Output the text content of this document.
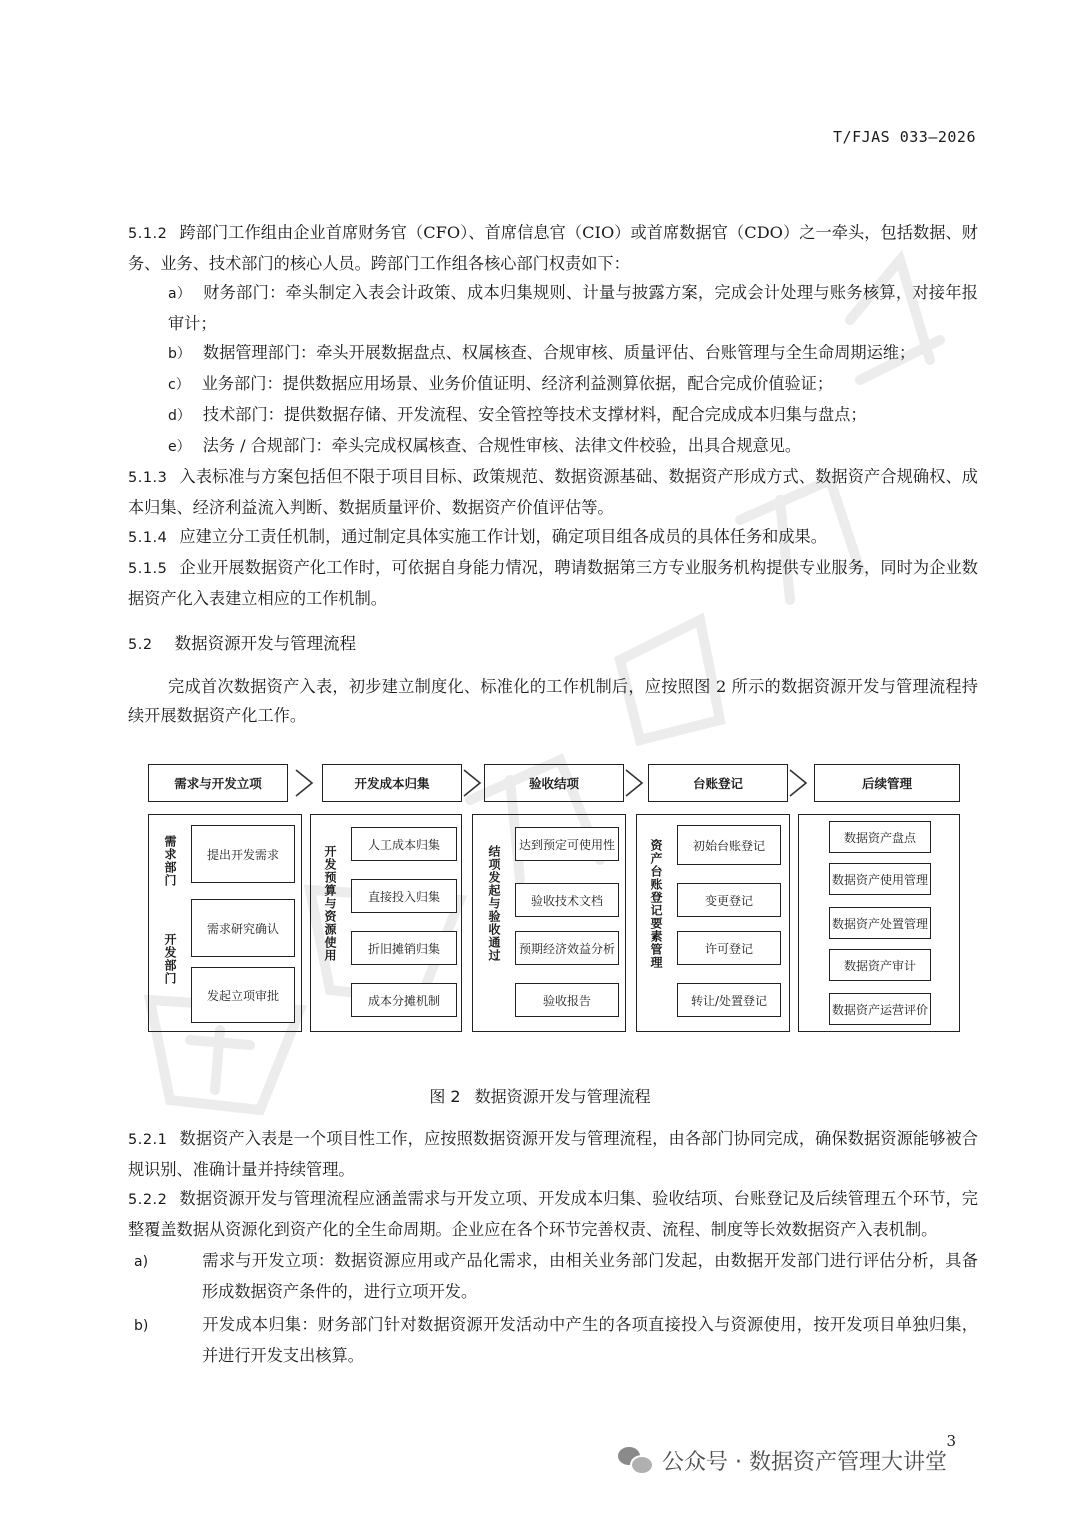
T/FJAS 033—2026

5.1.2 跨部门工作组由企业首席财务官（CFO）、首席信息官（CIO）或首席数据官（CDO）之一牵头，包括数据、财务、业务、技术部门的核心人员。跨部门工作组各核心部门权责如下：

a） 财务部门：牵头制定入表会计政策、成本归集规则、计量与披露方案，完成会计处理与账务核算，对接年报审计；

b） 数据管理部门：牵头开展数据盘点、权属核查、合规审核、质量评估、台账管理与全生命周期运维；

c） 业务部门：提供数据应用场景、业务价值证明、经济利益测算依据，配合完成价值验证；

d） 技术部门：提供数据存储、开发流程、安全管控等技术支撑材料，配合完成成本归集与盘点；

e） 法务 / 合规部门：牵头完成权属核查、合规性审核、法律文件校验，出具合规意见。

5.1.3 入表标准与方案包括但不限于项目目标、政策规范、数据资源基础、数据资产形成方式、数据资产合规确权、成本归集、经济利益流入判断、数据质量评价、数据资产价值评估等。

5.1.4 应建立分工责任机制，通过制定具体实施工作计划，确定项目组各成员的具体任务和成果。

5.1.5 企业开展数据资产化工作时，可依据自身能力情况，聘请数据第三方专业服务机构提供专业服务，同时为企业数据资产化入表建立相应的工作机制。

5.2 数据资源开发与管理流程

完成首次数据资产入表，初步建立制度化、标准化的工作机制后，应按照图 2 所示的数据资源开发与管理流程持续开展数据资产化工作。

需求与开发立项	开发成本归集	验收结项	台账登记	后续管理
需求部门
开发部门
提出开发需求
需求研究确认
发起立项审批
开发预算与资源使用
人工成本归集
直接投入归集
折旧摊销归集
成本分摊机制
结项发起与验收通过
达到预定可使用性
验收技术文档
预期经济效益分析
验收报告
资产台账登记要素管理	初始台账登记
变更登记
许可登记
转让/处置登记
数据资产盘点
数据资产使用管理
数据资产处置管理
数据资产审计
数据资产运营评价
图 2 数据资源开发与管理流程

5.2.1 数据资产入表是一个项目性工作，应按照数据资源开发与管理流程，由各部门协同完成，确保数据资源能够被合规识别、准确计量并持续管理。

5.2.2 数据资源开发与管理流程应涵盖需求与开发立项、开发成本归集、验收结项、台账登记及后续管理五个环节，完整覆盖数据从资源化到资产化的全生命周期。企业应在各个环节完善权责、流程、制度等长效数据资产入表机制。

a)	需求与开发立项：数据资源应用或产品化需求，由相关业务部门发起，由数据开发部门进行评估分析，具备形成数据资产条件的，进行立项开发。

b)	开发成本归集：财务部门针对数据资源开发活动中产生的各项直接投入与资源使用，按开发项目单独归集，并进行开发支出核算。

3
公众号 · 数据资产管理大讲堂
